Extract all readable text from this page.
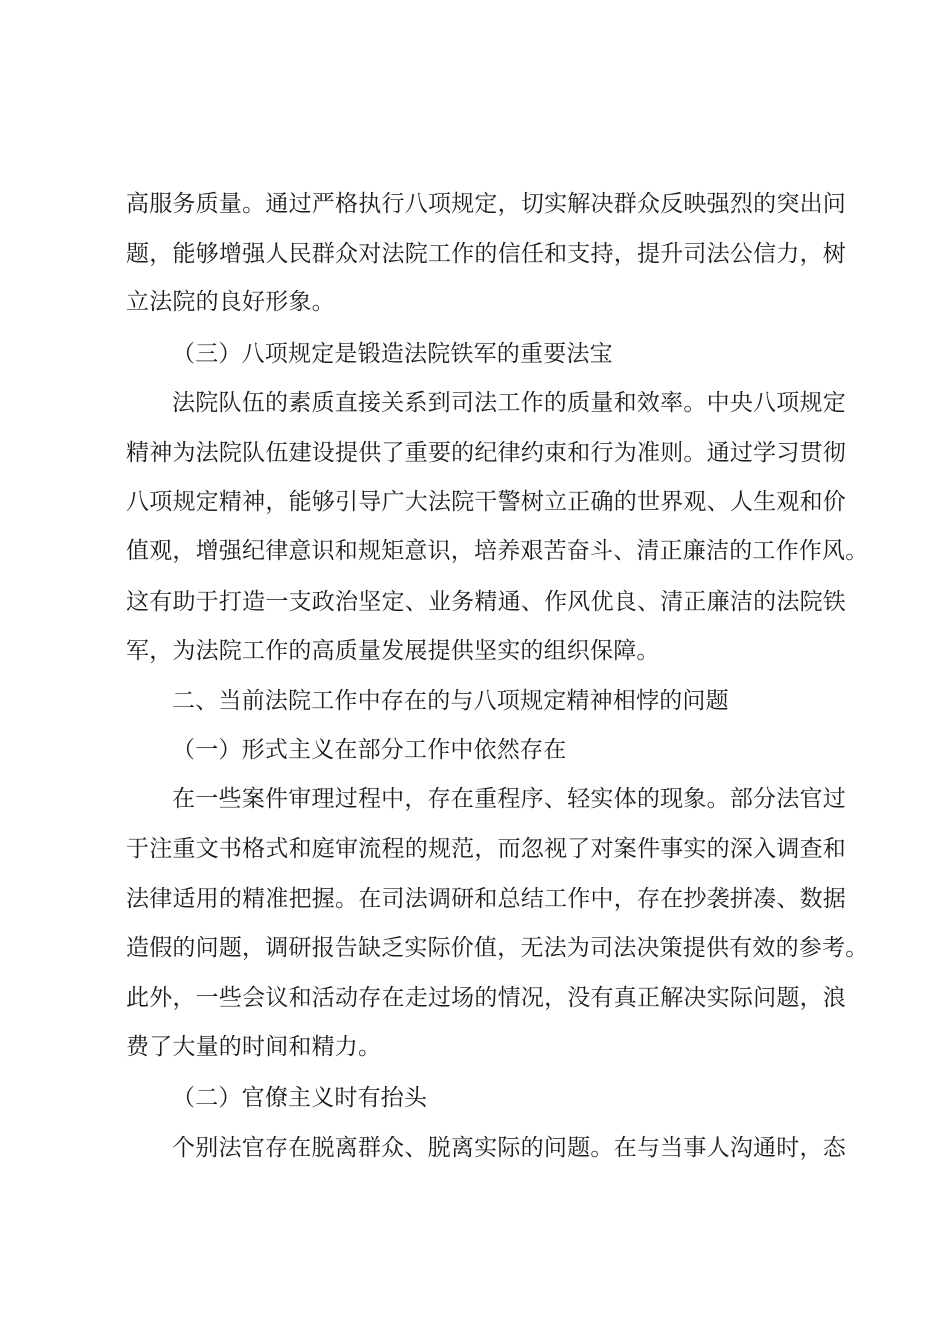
高服务质量。通过严格执行八项规定，切实解决群众反映强烈的突出问
题，能够增强人民群众对法院工作的信任和支持，提升司法公信力，树
立法院的良好形象。
（三）八项规定是锻造法院铁军的重要法宝
法院队伍的素质直接关系到司法工作的质量和效率。中央八项规定
精神为法院队伍建设提供了重要的纪律约束和行为准则。通过学习贯彻
八项规定精神，能够引导广大法院干警树立正确的世界观、人生观和价
值观，增强纪律意识和规矩意识，培养艰苦奋斗、清正廉洁的工作作风。
这有助于打造一支政治坚定、业务精通、作风优良、清正廉洁的法院铁
军，为法院工作的高质量发展提供坚实的组织保障。
二、当前法院工作中存在的与八项规定精神相悖的问题
（一）形式主义在部分工作中依然存在
在一些案件审理过程中，存在重程序、轻实体的现象。部分法官过
于注重文书格式和庭审流程的规范，而忽视了对案件事实的深入调查和
法律适用的精准把握。在司法调研和总结工作中，存在抄袭拼凑、数据
造假的问题，调研报告缺乏实际价值，无法为司法决策提供有效的参考。
此外，一些会议和活动存在走过场的情况，没有真正解决实际问题，浪
费了大量的时间和精力。
（二）官僚主义时有抬头
个别法官存在脱离群众、脱离实际的问题。在与当事人沟通时，态
